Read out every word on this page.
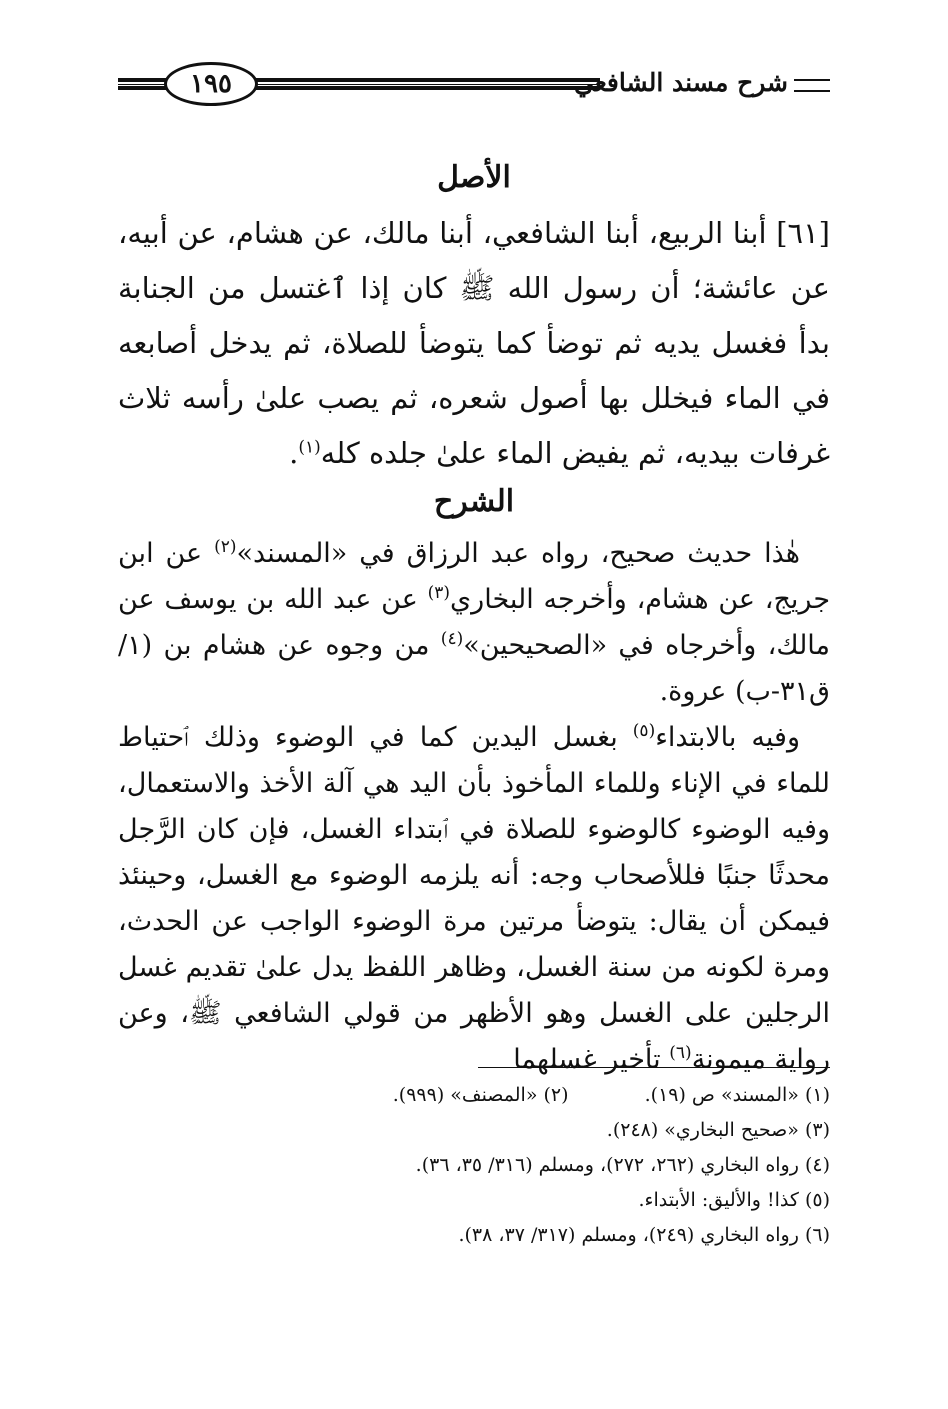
شرح مسند الشافعي
١٩٥
الأصل

[٦١] أبنا الربيع، أبنا الشافعي، أبنا مالك، عن هشام، عن أبيه، عن عائشة؛ أن رسول الله ﷺ كان إذا ٱغتسل من الجنابة بدأ فغسل يديه ثم توضأ كما يتوضأ للصلاة، ثم يدخل أصابعه في الماء فيخلل بها أصول شعره، ثم يصب علىٰ رأسه ثلاث غرفات بيديه، ثم يفيض الماء علىٰ جلده كله$^{(١)}$.

الشرح

هٰذا حديث صحيح، رواه عبد الرزاق في «المسند»$^{(٢)}$ عن ابن جريج، عن هشام، وأخرجه البخاري$^{(٣)}$ عن عبد الله بن يوسف عن مالك، وأخرجاه في «الصحيحين»$^{(٤)}$ من وجوه عن هشام بن (١/ق٣١-ب) عروة.

وفيه بالابتداء$^{(٥)}$ بغسل اليدين كما في الوضوء وذلك ٱحتياط للماء في الإناء وللماء المأخوذ بأن اليد هي آلة الأخذ والاستعمال، وفيه الوضوء كالوضوء للصلاة في ٱبتداء الغسل، فإن كان الرَّجل محدثًا جنبًا فللأصحاب وجه: أنه يلزمه الوضوء مع الغسل، وحينئذ فيمكن أن يقال: يتوضأ مرتين مرة الوضوء الواجب عن الحدث، ومرة لكونه من سنة الغسل، وظاهر اللفظ يدل علىٰ تقديم غسل الرجلين على الغسل وهو الأظهر من قولي الشافعي ﷺ، وعن رواية ميمونة$^{(٦)}$ تأخير غسلهما

(١) «المسند» ص (١٩). (٢) «المصنف» (٩٩٩).
(٣) «صحيح البخاري» (٢٤٨).
(٤) رواه البخاري (٢٦٢، ٢٧٢)، ومسلم (٣١٦/ ٣٥، ٣٦).
(٥) كذا! والأليق: الأبتداء.
(٦) رواه البخاري (٢٤٩)، ومسلم (٣١٧/ ٣٧، ٣٨).
